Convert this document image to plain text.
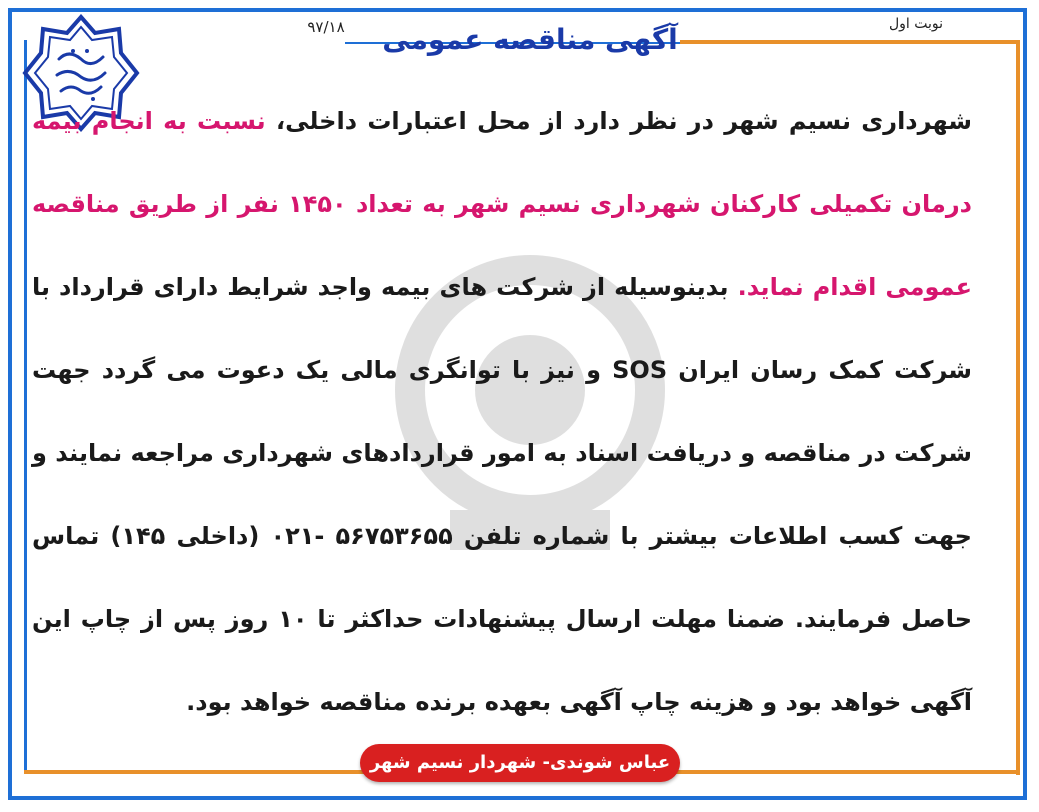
۹۷/۱۸	آگهی مناقصه عمومی	نوبت اول
شهرداری نسیم شهر در نظر دارد از محل اعتبارات داخلی، نسبت به انجام بیمه درمان تکمیلی کارکنان شهرداری نسیم شهر به تعداد ۱۴۵۰ نفر از طریق مناقصه عمومی اقدام نماید. بدینوسیله از شرکت های بیمه واجد شرایط دارای قرارداد با شرکت کمک رسان ایران SOS و نیز با توانگری مالی یک دعوت می گردد جهت شرکت در مناقصه و دریافت اسناد به امور قراردادهای شهرداری مراجعه نمایند و جهت کسب اطلاعات بیشتر با شماره تلفن ۵۶۷۵۳۶۵۵ -۰۲۱ (داخلی ۱۴۵) تماس حاصل فرمایند. ضمنا مهلت ارسال پیشنهادات حداکثر تا ۱۰ روز پس از چاپ این آگهی خواهد بود و هزینه چاپ آگهی بعهده برنده مناقصه خواهد بود.
عباس شوندی- شهردار نسیم شهر
